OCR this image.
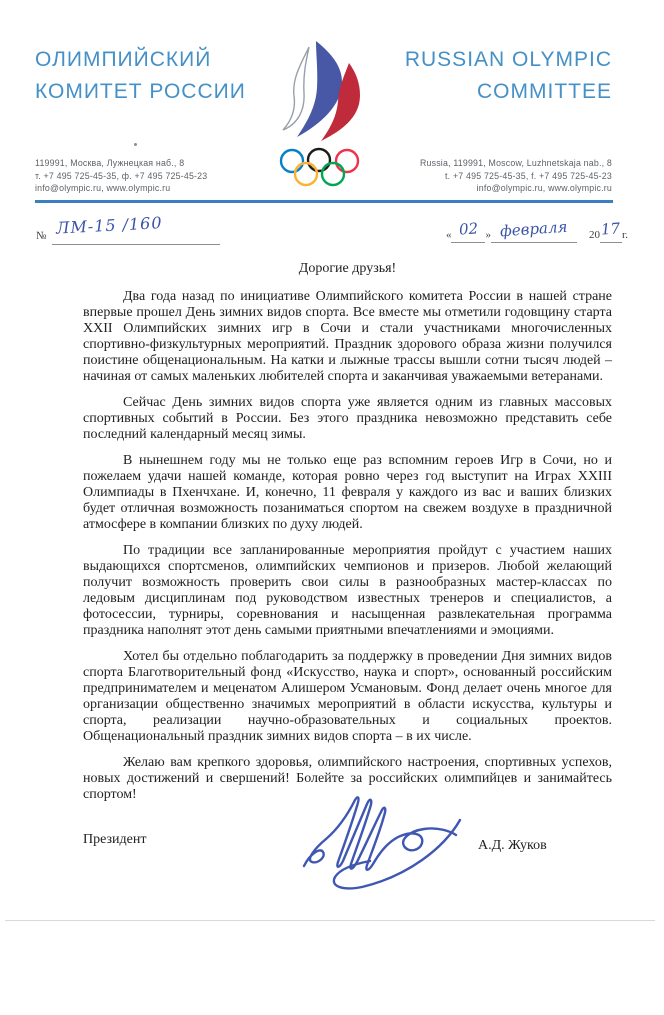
ОЛИМПИЙСКИЙ
КОМИТЕТ РОССИИ
RUSSIAN OLYMPIC
COMMITTEE
119991, Москва, Лужнецкая наб., 8
т. +7 495 725-45-35, ф. +7 495 725-45-23
info@olympic.ru, www.olympic.ru
Russia, 119991, Moscow, Luzhnetskaja nab., 8
t. +7 495 725-45-35, f. +7 495 725-45-23
info@olympic.ru, www.olympic.ru
№ ЛМ-15 /160	« 02 » февраля 2017г.
Дорогие друзья!

Два года назад по инициативе Олимпийского комитета России в нашей стране впервые прошел День зимних видов спорта. Все вместе мы отметили годовщину старта XXII Олимпийских зимних игр в Сочи и стали участниками многочисленных спортивно-физкультурных мероприятий. Праздник здорового образа жизни получился поистине общенациональным. На катки и лыжные трассы вышли сотни тысяч людей – начиная от самых маленьких любителей спорта и заканчивая уважаемыми ветеранами.

Сейчас День зимних видов спорта уже является одним из главных массовых спортивных событий в России. Без этого праздника невозможно представить себе последний календарный месяц зимы.

В нынешнем году мы не только еще раз вспомним героев Игр в Сочи, но и пожелаем удачи нашей команде, которая ровно через год выступит на Играх XXIII Олимпиады в Пхенчхане. И, конечно, 11 февраля у каждого из вас и ваших близких будет отличная возможность позаниматься спортом на свежем воздухе в праздничной атмосфере в компании близких по духу людей.

По традиции все запланированные мероприятия пройдут с участием наших выдающихся спортсменов, олимпийских чемпионов и призеров. Любой желающий получит возможность проверить свои силы в разнообразных мастер-классах по ледовым дисциплинам под руководством известных тренеров и специалистов, а фотосессии, турниры, соревнования и насыщенная развлекательная программа праздника наполнят этот день самыми приятными впечатлениями и эмоциями.

Хотел бы отдельно поблагодарить за поддержку в проведении Дня зимних видов спорта Благотворительный фонд «Искусство, наука и спорт», основанный российским предпринимателем и меценатом Алишером Усмановым. Фонд делает очень многое для организации общественно значимых мероприятий в области искусства, культуры и спорта, реализации научно-образовательных и социальных проектов. Общенациональный праздник зимних видов спорта – в их числе.

Желаю вам крепкого здоровья, олимпийского настроения, спортивных успехов, новых достижений и свершений! Болейте за российских олимпийцев и занимайтесь спортом!

Президент	А.Д. Жуков
